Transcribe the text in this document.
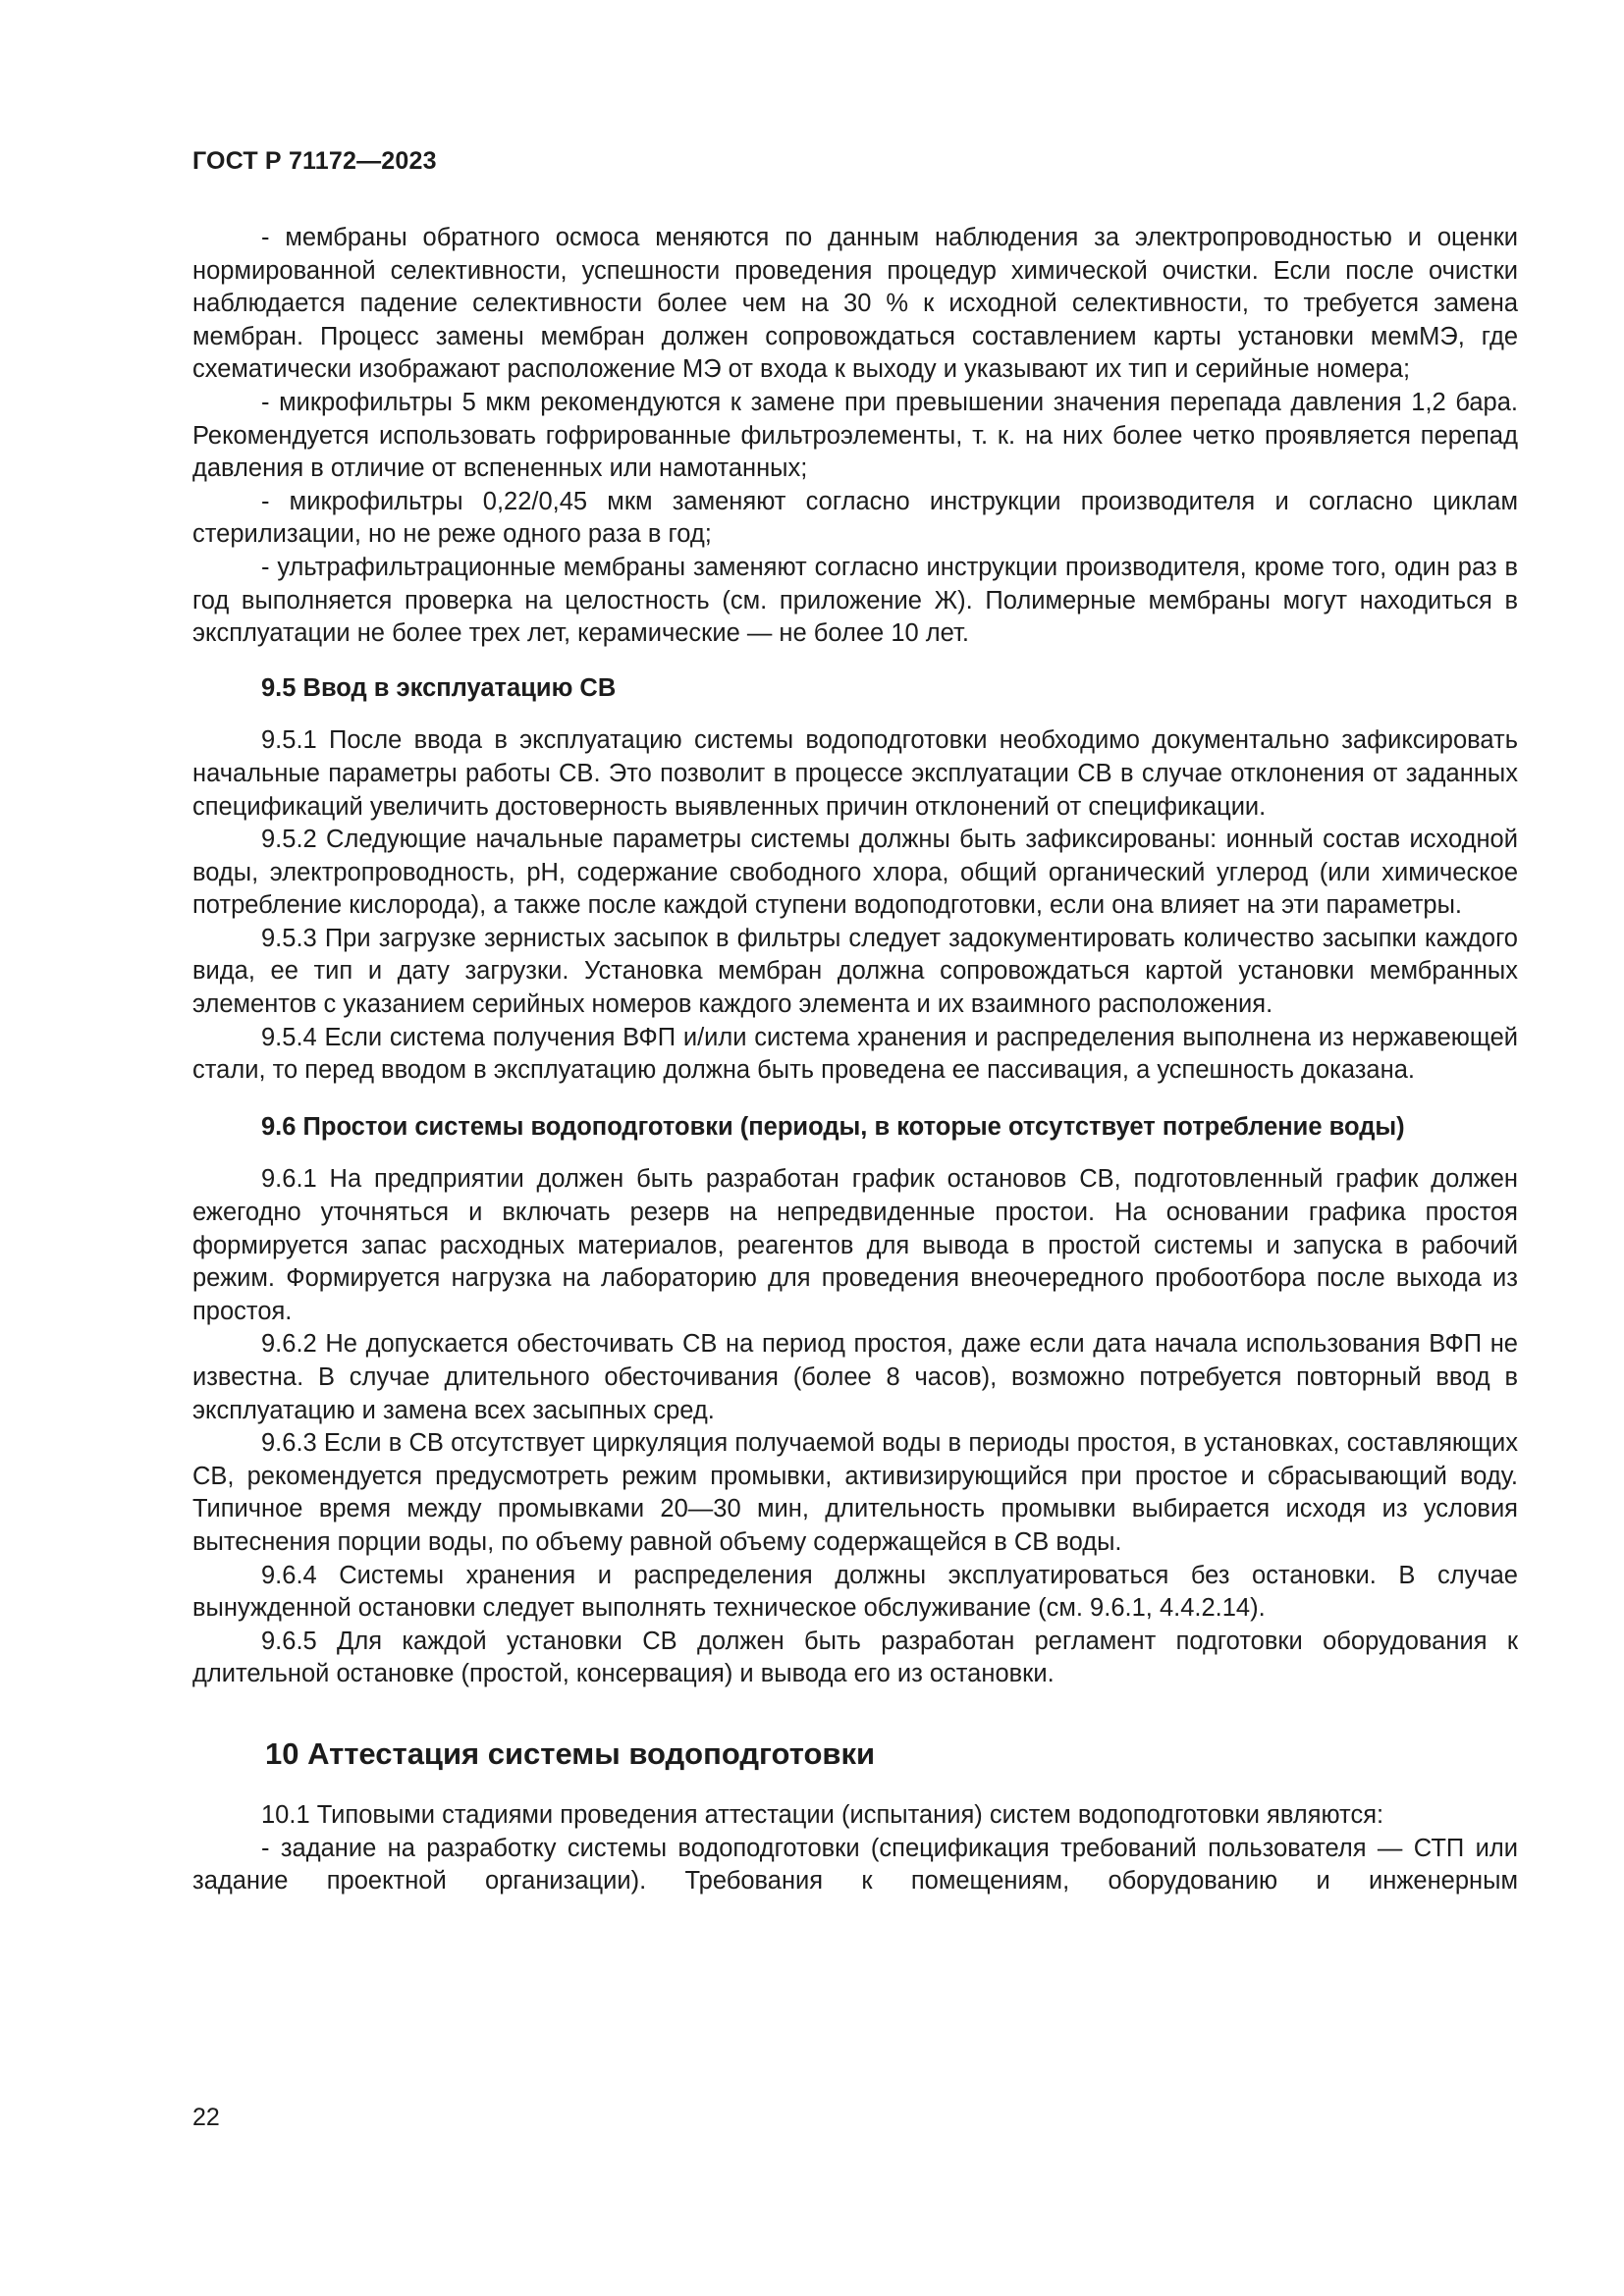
ГОСТ Р 71172—2023

- мембраны обратного осмоса меняются по данным наблюдения за электропроводностью и оценки нормированной селективности, успешности проведения процедур химической очистки. Если после очистки наблюдается падение селективности более чем на 30 % к исходной селективности, то требуется замена мембран. Процесс замены мембран должен сопровождаться составлением карты установки мемМЭ, где схематически изображают расположение МЭ от входа к выходу и указывают их тип и серийные номера;

- микрофильтры 5 мкм рекомендуются к замене при превышении значения перепада давления 1,2 бара. Рекомендуется использовать гофрированные фильтроэлементы, т. к. на них более четко проявляется перепад давления в отличие от вспененных или намотанных;

- микрофильтры 0,22/0,45 мкм заменяют согласно инструкции производителя и согласно циклам стерилизации, но не реже одного раза в год;

- ультрафильтрационные мембраны заменяют согласно инструкции производителя, кроме того, один раз в год выполняется проверка на целостность (см. приложение Ж). Полимерные мембраны могут находиться в эксплуатации не более трех лет, керамические — не более 10 лет.

9.5 Ввод в эксплуатацию СВ

9.5.1 После ввода в эксплуатацию системы водоподготовки необходимо документально зафиксировать начальные параметры работы СВ. Это позволит в процессе эксплуатации СВ в случае отклонения от заданных спецификаций увеличить достоверность выявленных причин отклонений от спецификации.

9.5.2 Следующие начальные параметры системы должны быть зафиксированы: ионный состав исходной воды, электропроводность, рН, содержание свободного хлора, общий органический углерод (или химическое потребление кислорода), а также после каждой ступени водоподготовки, если она влияет на эти параметры.

9.5.3 При загрузке зернистых засыпок в фильтры следует задокументировать количество засыпки каждого вида, ее тип и дату загрузки. Установка мембран должна сопровождаться картой установки мембранных элементов с указанием серийных номеров каждого элемента и их взаимного расположения.

9.5.4 Если система получения ВФП и/или система хранения и распределения выполнена из нержавеющей стали, то перед вводом в эксплуатацию должна быть проведена ее пассивация, а успешность доказана.

9.6 Простои системы водоподготовки (периоды, в которые отсутствует потребление воды)

9.6.1 На предприятии должен быть разработан график остановов СВ, подготовленный график должен ежегодно уточняться и включать резерв на непредвиденные простои. На основании графика простоя формируется запас расходных материалов, реагентов для вывода в простой системы и запуска в рабочий режим. Формируется нагрузка на лабораторию для проведения внеочередного пробоотбора после выхода из простоя.

9.6.2 Не допускается обесточивать СВ на период простоя, даже если дата начала использования ВФП не известна. В случае длительного обесточивания (более 8 часов), возможно потребуется повторный ввод в эксплуатацию и замена всех засыпных сред.

9.6.3 Если в СВ отсутствует циркуляция получаемой воды в периоды простоя, в установках, составляющих СВ, рекомендуется предусмотреть режим промывки, активизирующийся при простое и сбрасывающий воду. Типичное время между промывками 20—30 мин, длительность промывки выбирается исходя из условия вытеснения порции воды, по объему равной объему содержащейся в СВ воды.

9.6.4 Системы хранения и распределения должны эксплуатироваться без остановки. В случае вынужденной остановки следует выполнять техническое обслуживание (см. 9.6.1, 4.4.2.14).

9.6.5 Для каждой установки СВ должен быть разработан регламент подготовки оборудования к длительной остановке (простой, консервация) и вывода его из остановки.

10 Аттестация системы водоподготовки

10.1 Типовыми стадиями проведения аттестации (испытания) систем водоподготовки являются:

- задание на разработку системы водоподготовки (спецификация требований пользователя — СТП или задание проектной организации). Требования к помещениям, оборудованию и инженерным

22
